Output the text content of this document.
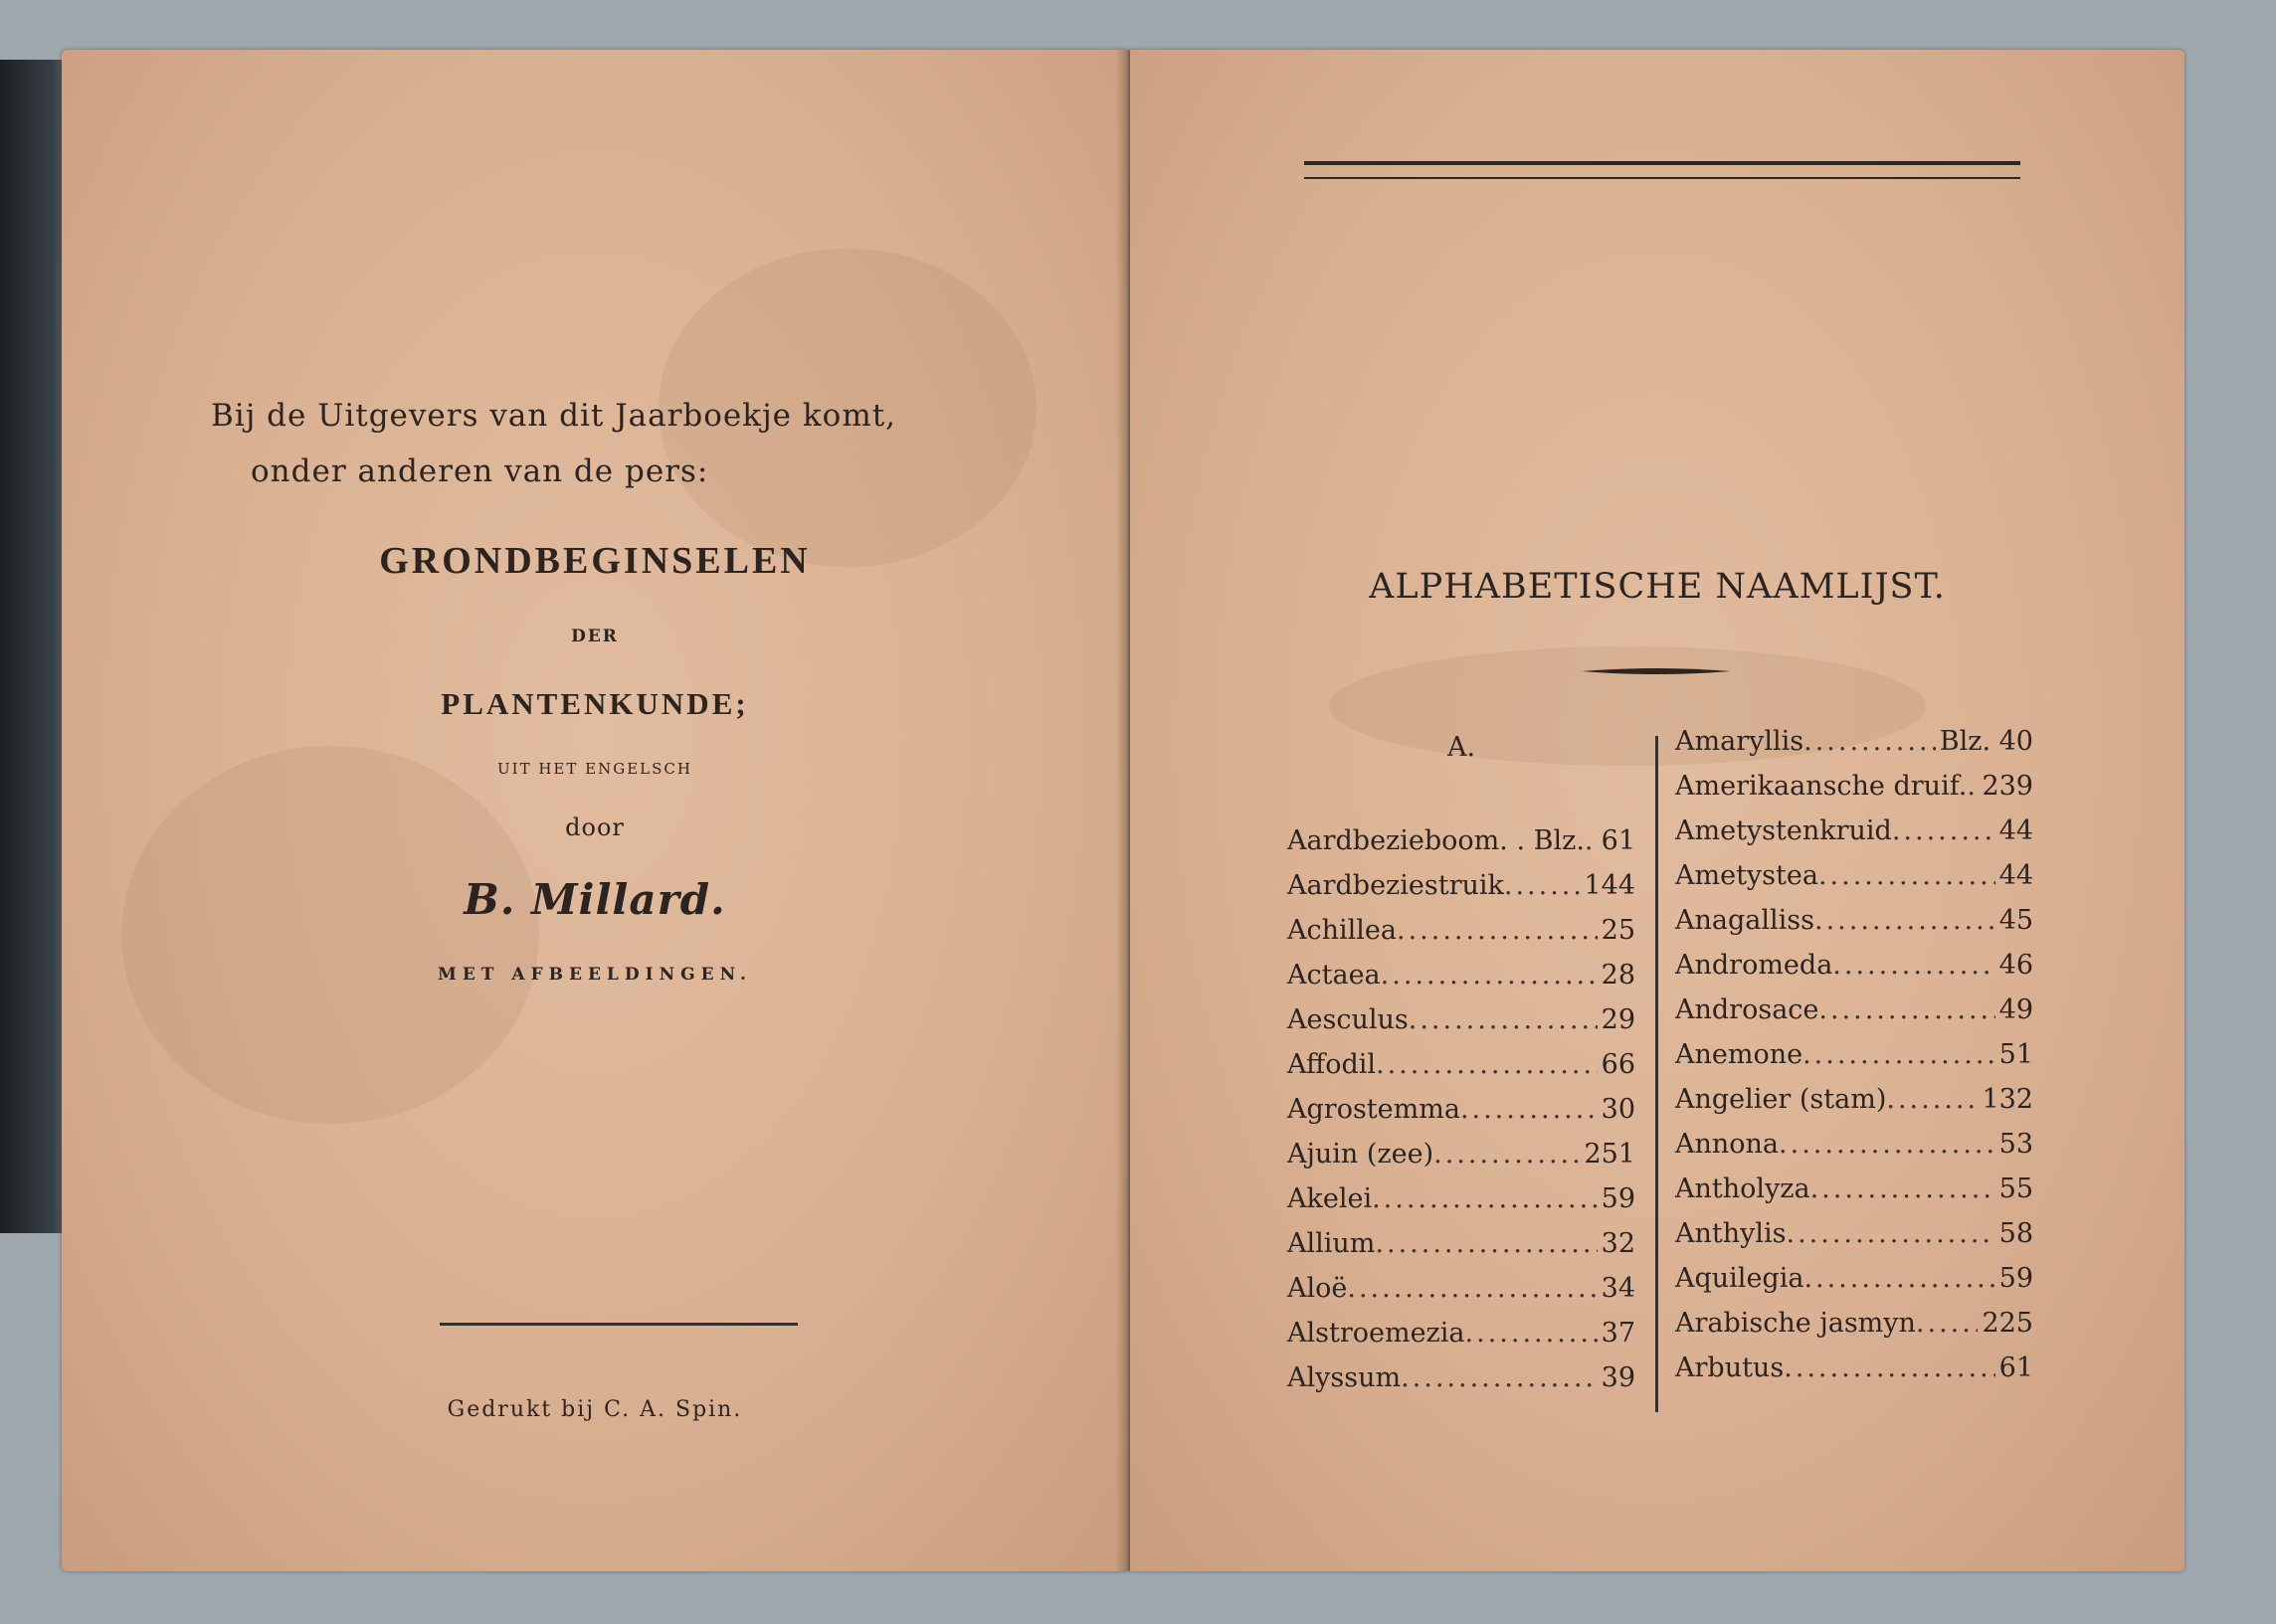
Bij de Uitgevers van dit Jaarboekje komt,
onder anderen van de pers:
GRONDBEGINSELEN
DER
PLANTENKUNDE;
UIT HET ENGELSCH
door
B. Millard.
MET AFBEELDINGEN.
Gedrukt bij C. A. Spin.
ALPHABETISCHE NAAMLIJST.
A.
Aardbezieboom. . Blz. ..... 61
Aardbeziestruik .....	144
Achillea .....	25
Actaea .....	28
Aesculus .....	29
Affodil .....	66
Agrostemma .....	30
Ajuin (zee) .....	251
Akelei .....	59
Allium .....	32
Aloë .....	34
Alstroemezia .....	37
Alyssum .....	39
Amaryllis .....	Blz. 40
Amerikaansche druif. ..... 239
Ametystenkruid .....	44
Ametystea .....	44
Anagalliss .....	45
Andromeda .....	46
Androsace .....	49
Anemone .....	51
Angelier (stam) .....	132
Annona .....	53
Antholyza .....	55
Anthylis .....	58
Aquilegia .....	59
Arabische jasmyn ..... 225
Arbutus .....	61
